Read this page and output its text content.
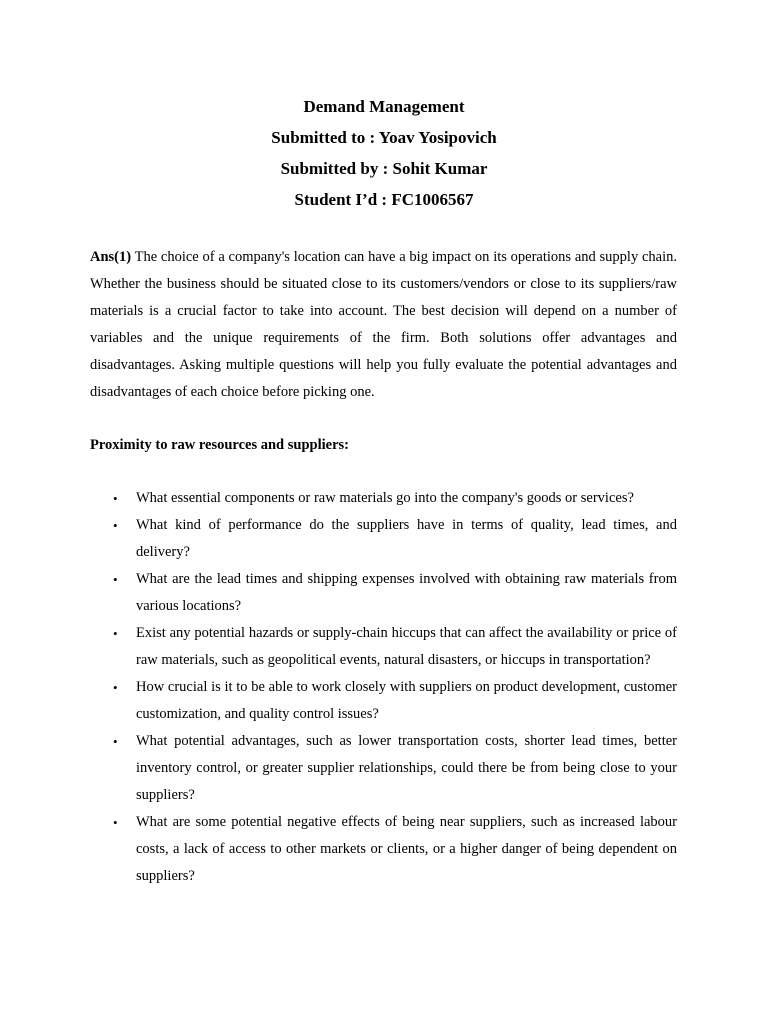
Demand Management
Submitted to : Yoav Yosipovich
Submitted by : Sohit Kumar
Student I’d : FC1006567
Ans(1) The choice of a company's location can have a big impact on its operations and supply chain. Whether the business should be situated close to its customers/vendors or close to its suppliers/raw materials is a crucial factor to take into account. The best decision will depend on a number of variables and the unique requirements of the firm. Both solutions offer advantages and disadvantages. Asking multiple questions will help you fully evaluate the potential advantages and disadvantages of each choice before picking one.
Proximity to raw resources and suppliers:
•	What essential components or raw materials go into the company's goods or services?
•	What kind of performance do the suppliers have in terms of quality, lead times, and delivery?
•	What are the lead times and shipping expenses involved with obtaining raw materials from various locations?
•	Exist any potential hazards or supply-chain hiccups that can affect the availability or price of raw materials, such as geopolitical events, natural disasters, or hiccups in transportation?
•	How crucial is it to be able to work closely with suppliers on product development, customer customization, and quality control issues?
•	What potential advantages, such as lower transportation costs, shorter lead times, better inventory control, or greater supplier relationships, could there be from being close to your suppliers?
•	What are some potential negative effects of being near suppliers, such as increased labour costs, a lack of access to other markets or clients, or a higher danger of being dependent on suppliers?
